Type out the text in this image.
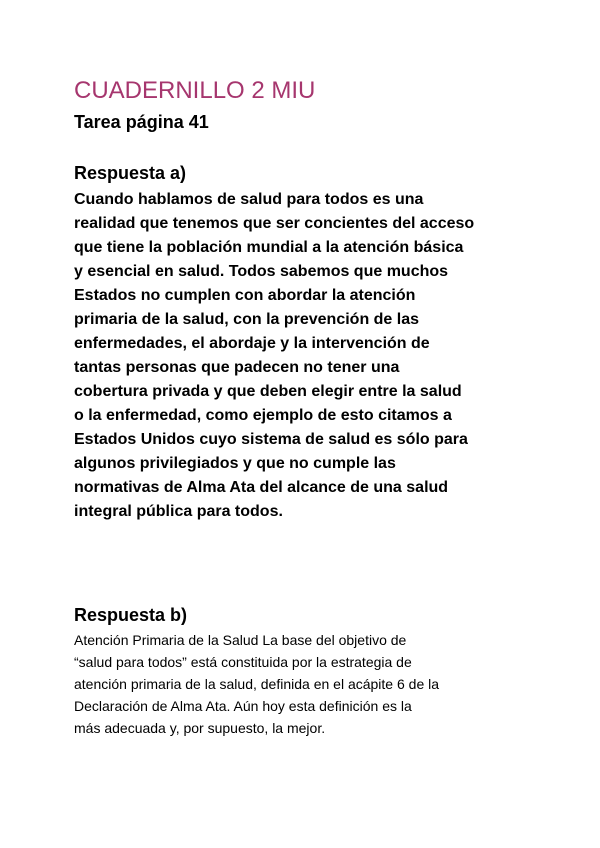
CUADERNILLO 2 MIU
Tarea página 41
Respuesta a)

Cuando hablamos de salud para todos es una
realidad que tenemos que ser concientes del acceso
que tiene la población mundial a la atención básica
y esencial en salud. Todos sabemos que muchos
Estados no cumplen con abordar la atención
primaria de la salud, con la prevención de las
enfermedades, el abordaje y la intervención de
tantas personas que padecen no tener una
cobertura privada y que deben elegir entre la salud
o la enfermedad, como ejemplo de esto citamos a
Estados Unidos cuyo sistema de salud es sólo para
algunos privilegiados y que no cumple las
normativas de Alma Ata del alcance de una salud
integral pública para todos.

Respuesta b)

Atención Primaria de la Salud La base del objetivo de
“salud para todos” está constituida por la estrategia de
atención primaria de la salud, definida en el acápite 6 de la
Declaración de Alma Ata. Aún hoy esta definición es la
más adecuada y, por supuesto, la mejor.
